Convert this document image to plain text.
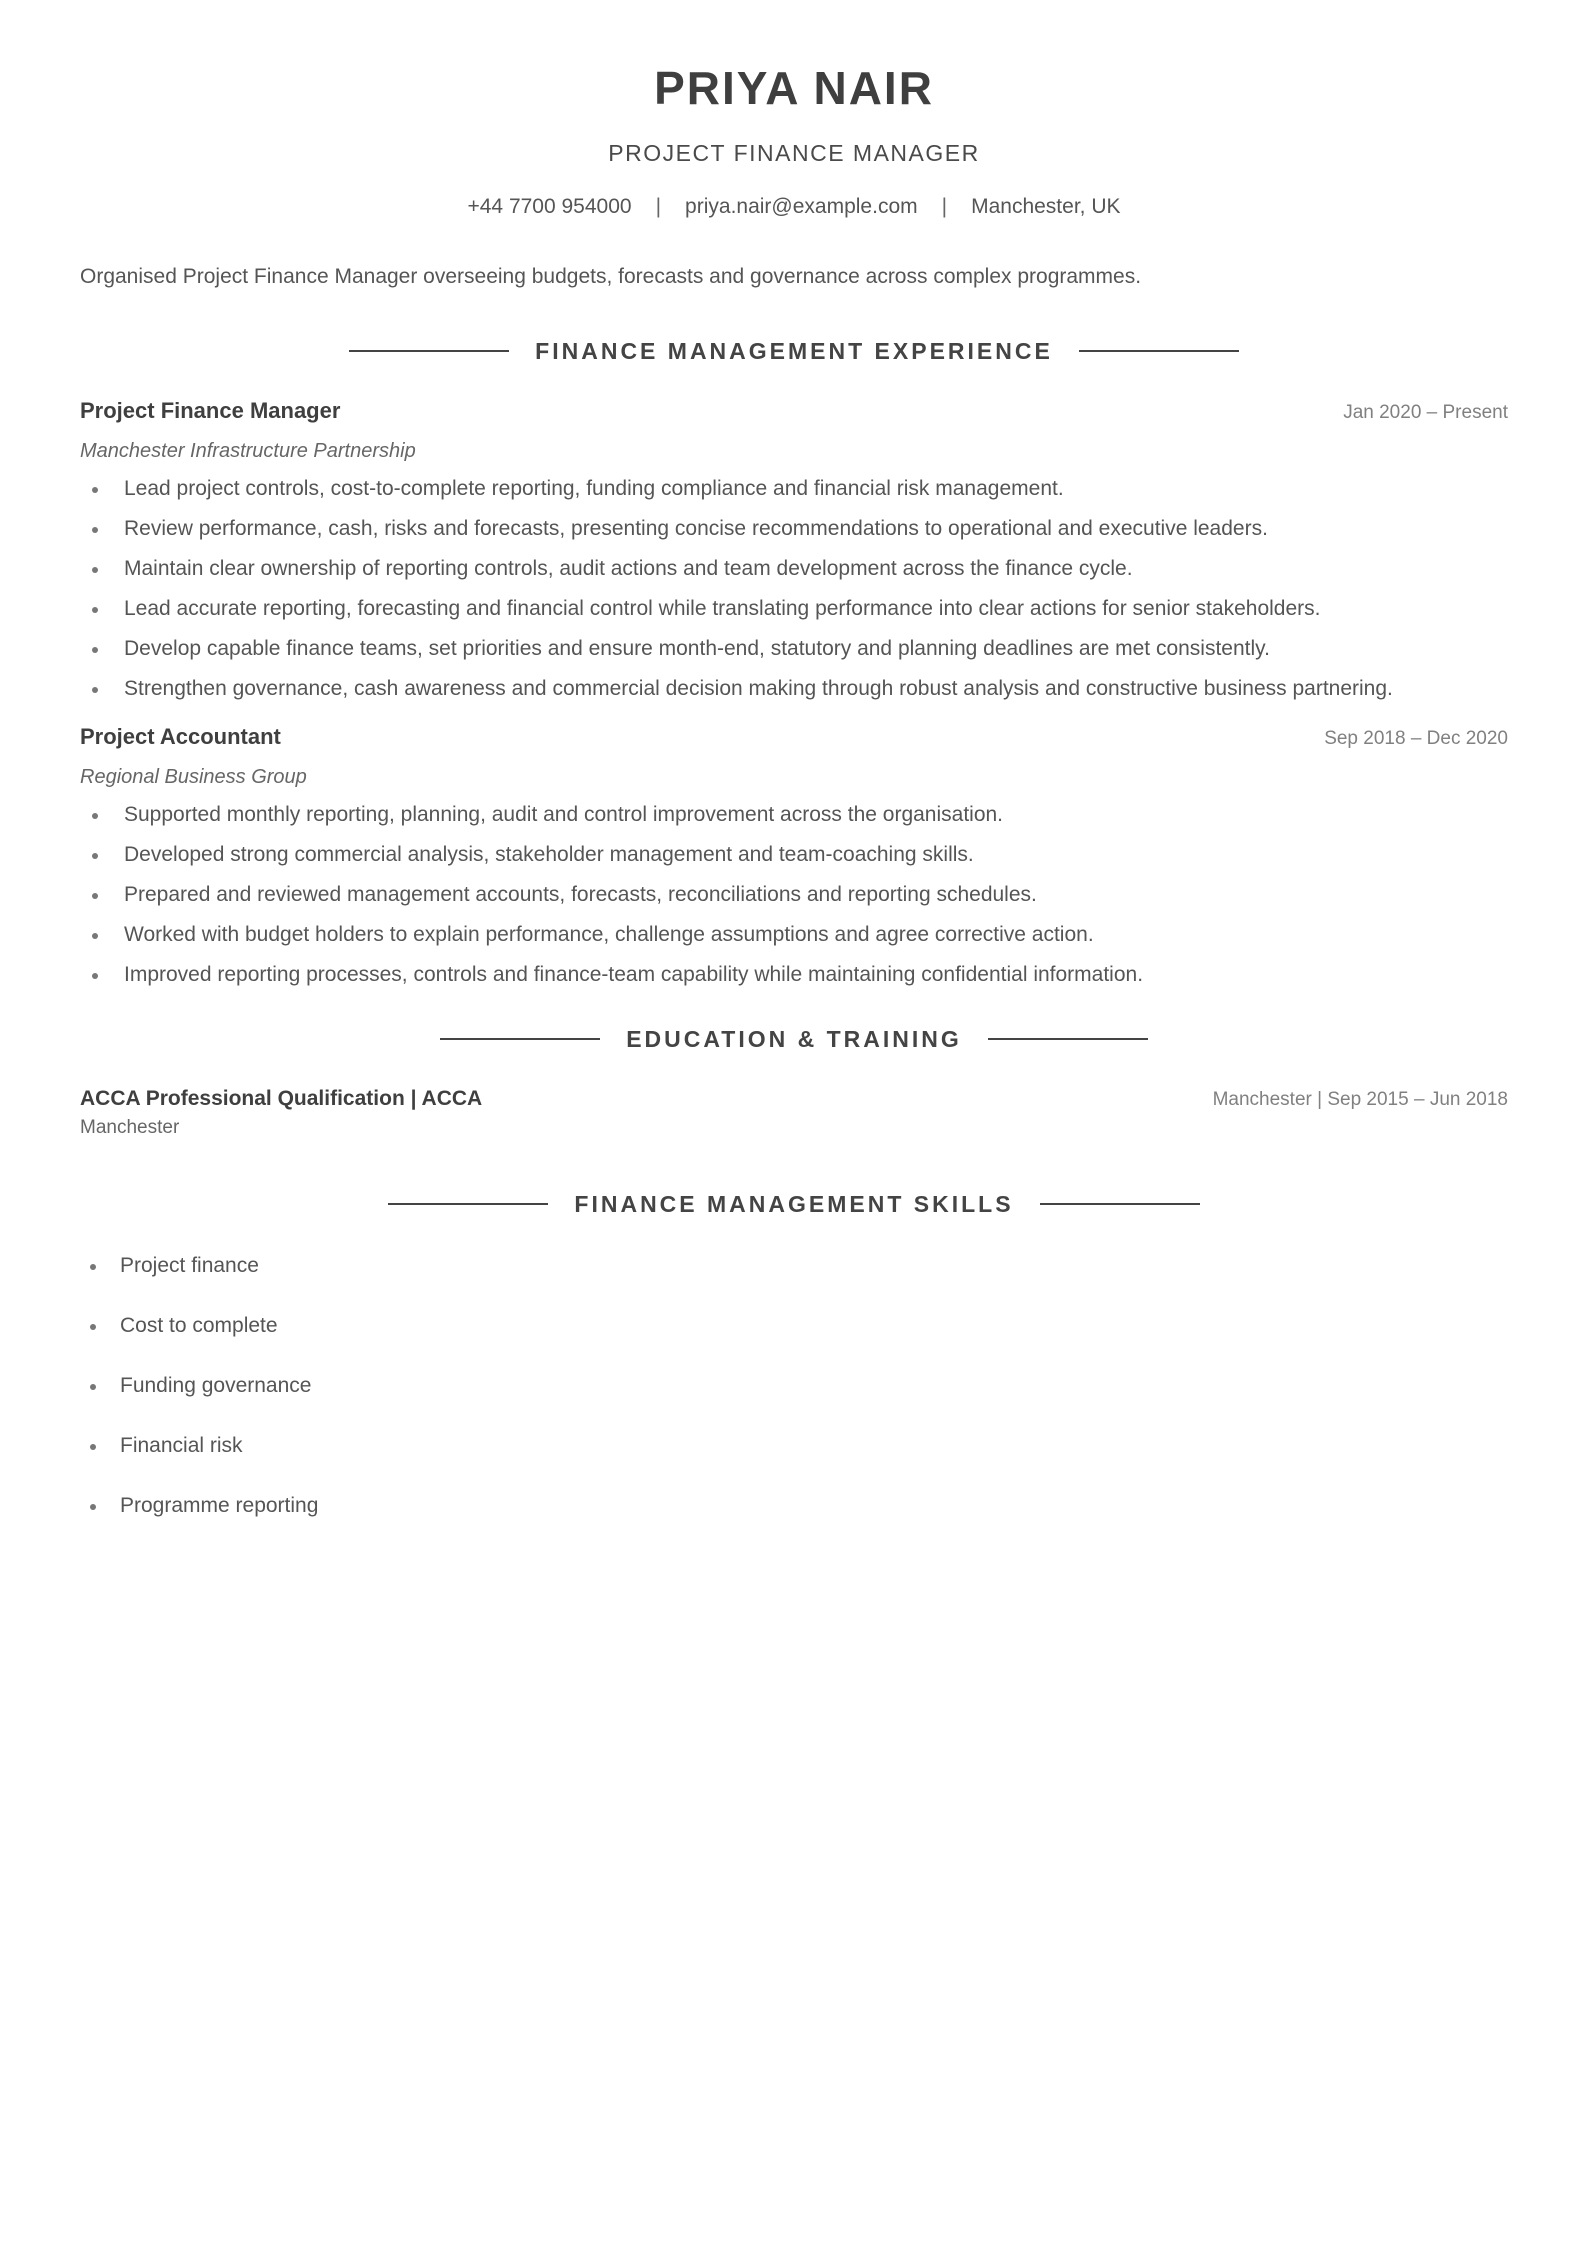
PRIYA NAIR
PROJECT FINANCE MANAGER
+44 7700 954000 | priya.nair@example.com | Manchester, UK
Organised Project Finance Manager overseeing budgets, forecasts and governance across complex programmes.
FINANCE MANAGEMENT EXPERIENCE
Project Finance Manager	Jan 2020 – Present
Manchester Infrastructure Partnership
Lead project controls, cost-to-complete reporting, funding compliance and financial risk management.
Review performance, cash, risks and forecasts, presenting concise recommendations to operational and executive leaders.
Maintain clear ownership of reporting controls, audit actions and team development across the finance cycle.
Lead accurate reporting, forecasting and financial control while translating performance into clear actions for senior stakeholders.
Develop capable finance teams, set priorities and ensure month-end, statutory and planning deadlines are met consistently.
Strengthen governance, cash awareness and commercial decision making through robust analysis and constructive business partnering.
Project Accountant	Sep 2018 – Dec 2020
Regional Business Group
Supported monthly reporting, planning, audit and control improvement across the organisation.
Developed strong commercial analysis, stakeholder management and team-coaching skills.
Prepared and reviewed management accounts, forecasts, reconciliations and reporting schedules.
Worked with budget holders to explain performance, challenge assumptions and agree corrective action.
Improved reporting processes, controls and finance-team capability while maintaining confidential information.
EDUCATION & TRAINING
ACCA Professional Qualification | ACCA	Manchester | Sep 2015 – Jun 2018
Manchester
FINANCE MANAGEMENT SKILLS
Project finance
Cost to complete
Funding governance
Financial risk
Programme reporting
